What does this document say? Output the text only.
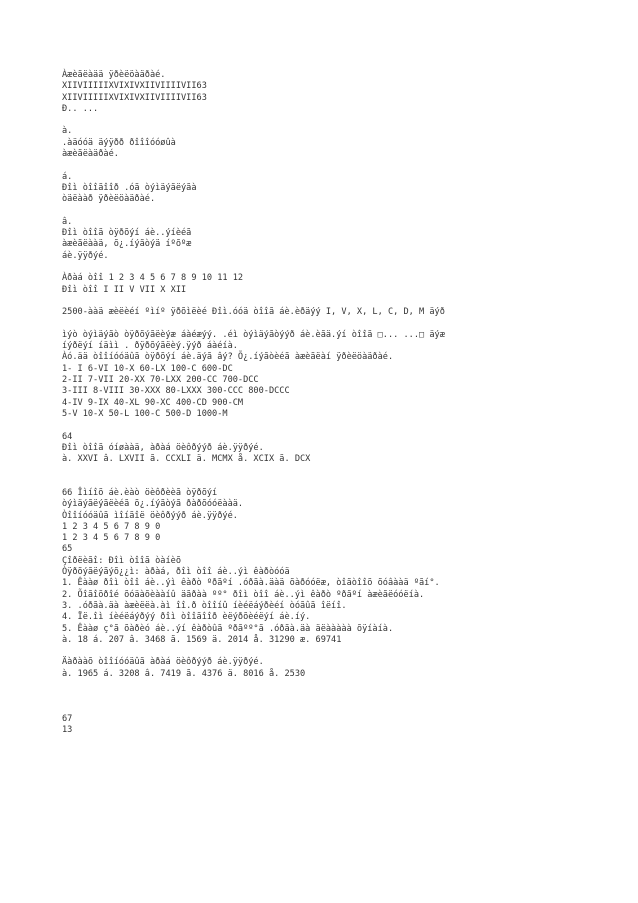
Àæèãëàää ÿðèëöàäðàé.
XIIVIIIIIXVIXIVXIIVIIIIVII63
XIIVIIIIIXVIXIVXIIVIIIIVII63
Ð.. ...
à.
.àäóóä äýÿðð ðîîîóóøûà
àæèãëàäðàé.
á.
Ðîì òîîãîîð .óã òýìäýãëýãà
òäëààð ÿðèëöàäðàé.
â.
Ðîì òîîã òÿðõýí áè..ýíèéã
àæèãëààä, õ¿.íýãòýä íºõºæ
áè.ÿÿðýé.
Àðàá òîî 1 2 3 4 5 6 7 8 9 10 11 12
Ðîì òîî I II V VII X XII
2500-ààä æèëèéí ºìíº ÿðõìëèé Ðîì.óóä òîîã áè.èðäýý I, V, X, L, C, D, M äýð
ìýò òýìäýãò òÿðõýãëèýæ áàéæýý. .éì òýìäýãòýýð áè.èãä.ýí òîîã □... ...□ äýæ
íýðëýí íäìì . ðÿðõýãëèý.ÿýð áàéíà.
Àó.ää òîîíóóäûã òÿðõýí áè.äýã âý? Õ¿.íýãòèéã àæèãëàí ÿðèëöàäðàé.
1- I 6-VI 10-X 60-LX 100-C 600-DC
2-II 7-VII 20-XX 70-LXX 200-CC 700-DCC
3-III 8-VIII 30-XXX 80-LXXX 300-CCC 800-DCCC
4-IV 9-IX 40-XL 90-XC 400-CD 900-CM
5-V 10-X 50-L 100-C 500-D 1000-M
64
Ðîì òîîã óíøààä, àðàá öèôðýýð áè.ÿÿðýé.
à. XXVI â. LXVII ã. CCXLI ä. MCMX å. XCIX ã. DCX
66 Îìíîõ áè.èàò öèôðèèã òÿðõýí
òýìäýãëýãëèéã õ¿.íýãòýã ðàðõóóëààä.
Òîîíóóäûã ìîíãîë öèôðýýð áè.ÿÿðýé.
1 2 3 4 5 6 7 8 9 0
1 2 3 4 5 6 7 8 9 0
65
Çîðëèãî: Ðîì òîîã òàíèõ
Òÿðõýãëýãýõ¿¿ì: àðàá, ðîì òîî áè..ýì êàðòóóä
1. Êààø ðîì òîî áè..ýì êàðò ºðãºí .óðãà.äàä õàðóóëæ, òîãòîîõ õóâààä ºãí°.
2. Õîãîõðîé õóäàõèààíû äãðàà ºº° ðîì òîî áè..ýì êàðò ºðãºí àæèãëóóëíà.
3. .óðãà.äà àæèëëà.àì îî.ð òîîíû íèéëáýðèéí òóãûã îëíî.
4. Ïë.îì íèéëáýðýý ðîì òîîãîîð èëýðõèéëýí áè.íý.
5. Êààø ç°ã õàðèó áè..ýí êàðòûã ºðãºº°ã .óðãà.äà äëààààà õÿíàíà.
à. 18 á. 207 â. 3468 ã. 1569 ä. 2014 å. 31290 æ. 69741
Äàðààõ òîîíóóäûã àðàá öèôðýýð áè.ÿÿðýé.
à. 1965 á. 3208 â. 7419 ã. 4376 ä. 8016 å. 2530
67
13
